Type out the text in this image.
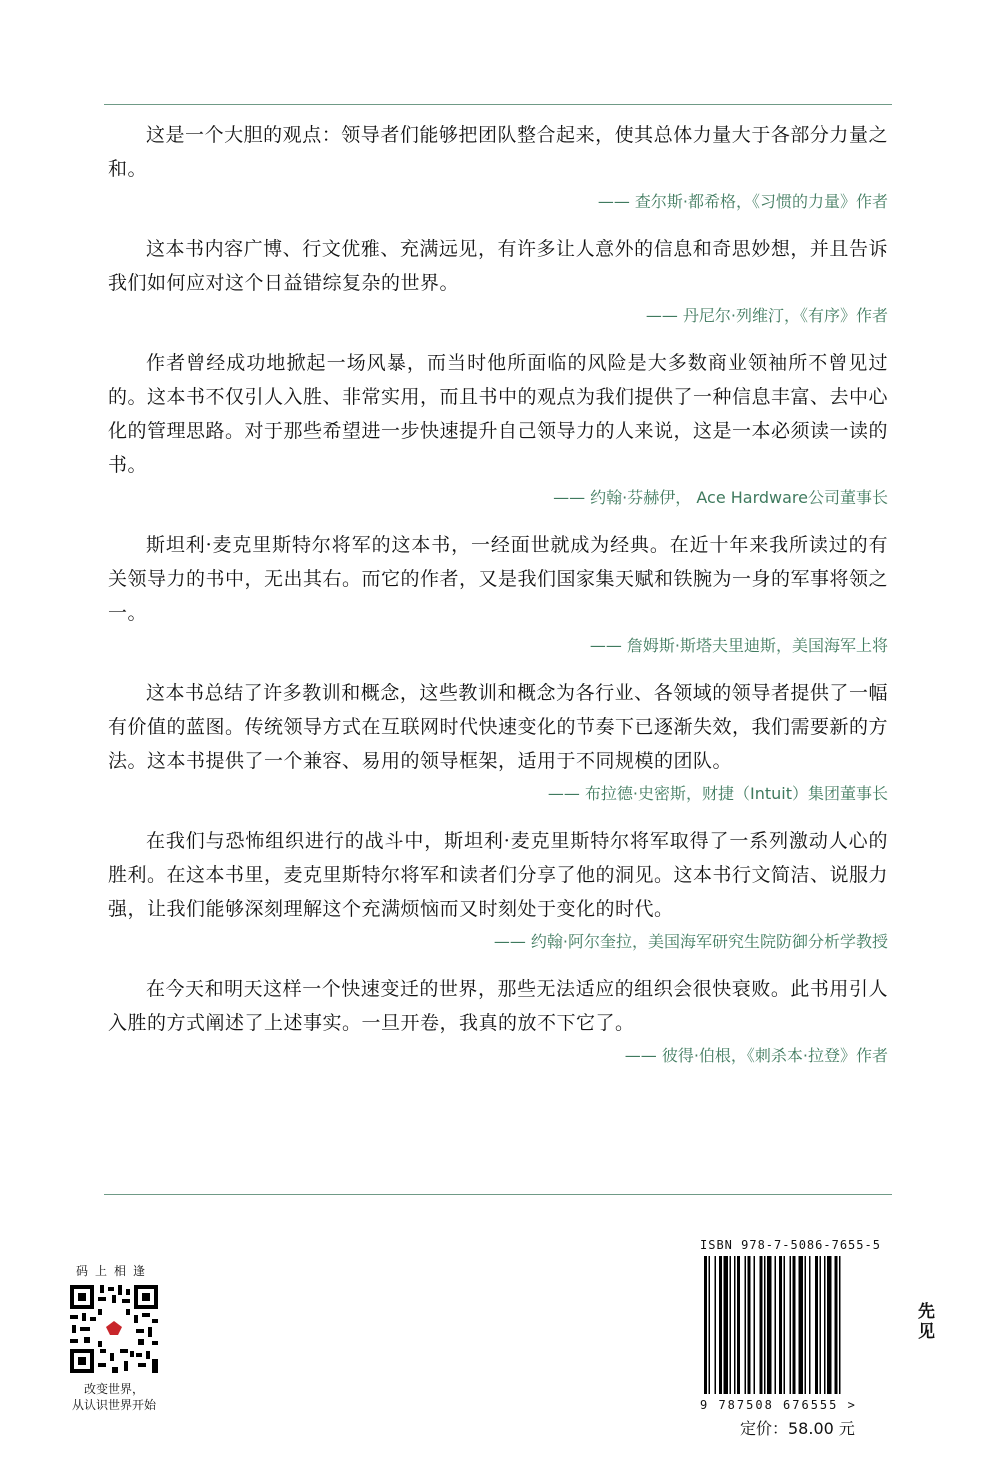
这是一个大胆的观点：领导者们能够把团队整合起来，使其总体力量大于各部分力量之和。

—— 查尔斯·都希格，《习惯的力量》作者

这本书内容广博、行文优雅、充满远见，有许多让人意外的信息和奇思妙想，并且告诉我们如何应对这个日益错综复杂的世界。

—— 丹尼尔·列维汀，《有序》作者

作者曾经成功地掀起一场风暴，而当时他所面临的风险是大多数商业领袖所不曾见过的。这本书不仅引人入胜、非常实用，而且书中的观点为我们提供了一种信息丰富、去中心化的管理思路。对于那些希望进一步快速提升自己领导力的人来说，这是一本必须读一读的书。

—— 约翰·芬赫伊， Ace Hardware公司董事长

斯坦利·麦克里斯特尔将军的这本书，一经面世就成为经典。在近十年来我所读过的有关领导力的书中，无出其右。而它的作者，又是我们国家集天赋和铁腕为一身的军事将领之一。

—— 詹姆斯·斯塔夫里迪斯，美国海军上将

这本书总结了许多教训和概念，这些教训和概念为各行业、各领域的领导者提供了一幅有价值的蓝图。传统领导方式在互联网时代快速变化的节奏下已逐渐失效，我们需要新的方法。这本书提供了一个兼容、易用的领导框架，适用于不同规模的团队。

—— 布拉德·史密斯，财捷（Intuit）集团董事长

在我们与恐怖组织进行的战斗中，斯坦利·麦克里斯特尔将军取得了一系列激动人心的胜利。在这本书里，麦克里斯特尔将军和读者们分享了他的洞见。这本书行文简洁、说服力强，让我们能够深刻理解这个充满烦恼而又时刻处于变化的时代。

—— 约翰·阿尔奎拉，美国海军研究生院防御分析学教授

在今天和明天这样一个快速变迁的世界，那些无法适应的组织会很快衰败。此书用引人入胜的方式阐述了上述事实。一旦开卷，我真的放不下它了。

—— 彼得·伯根，《刺杀本·拉登》作者
码上相逢
改变世界，
从认识世界开始
ISBN 978-7-5086-7655-5
9 787508 676555 >
定价：58.00 元
先见
